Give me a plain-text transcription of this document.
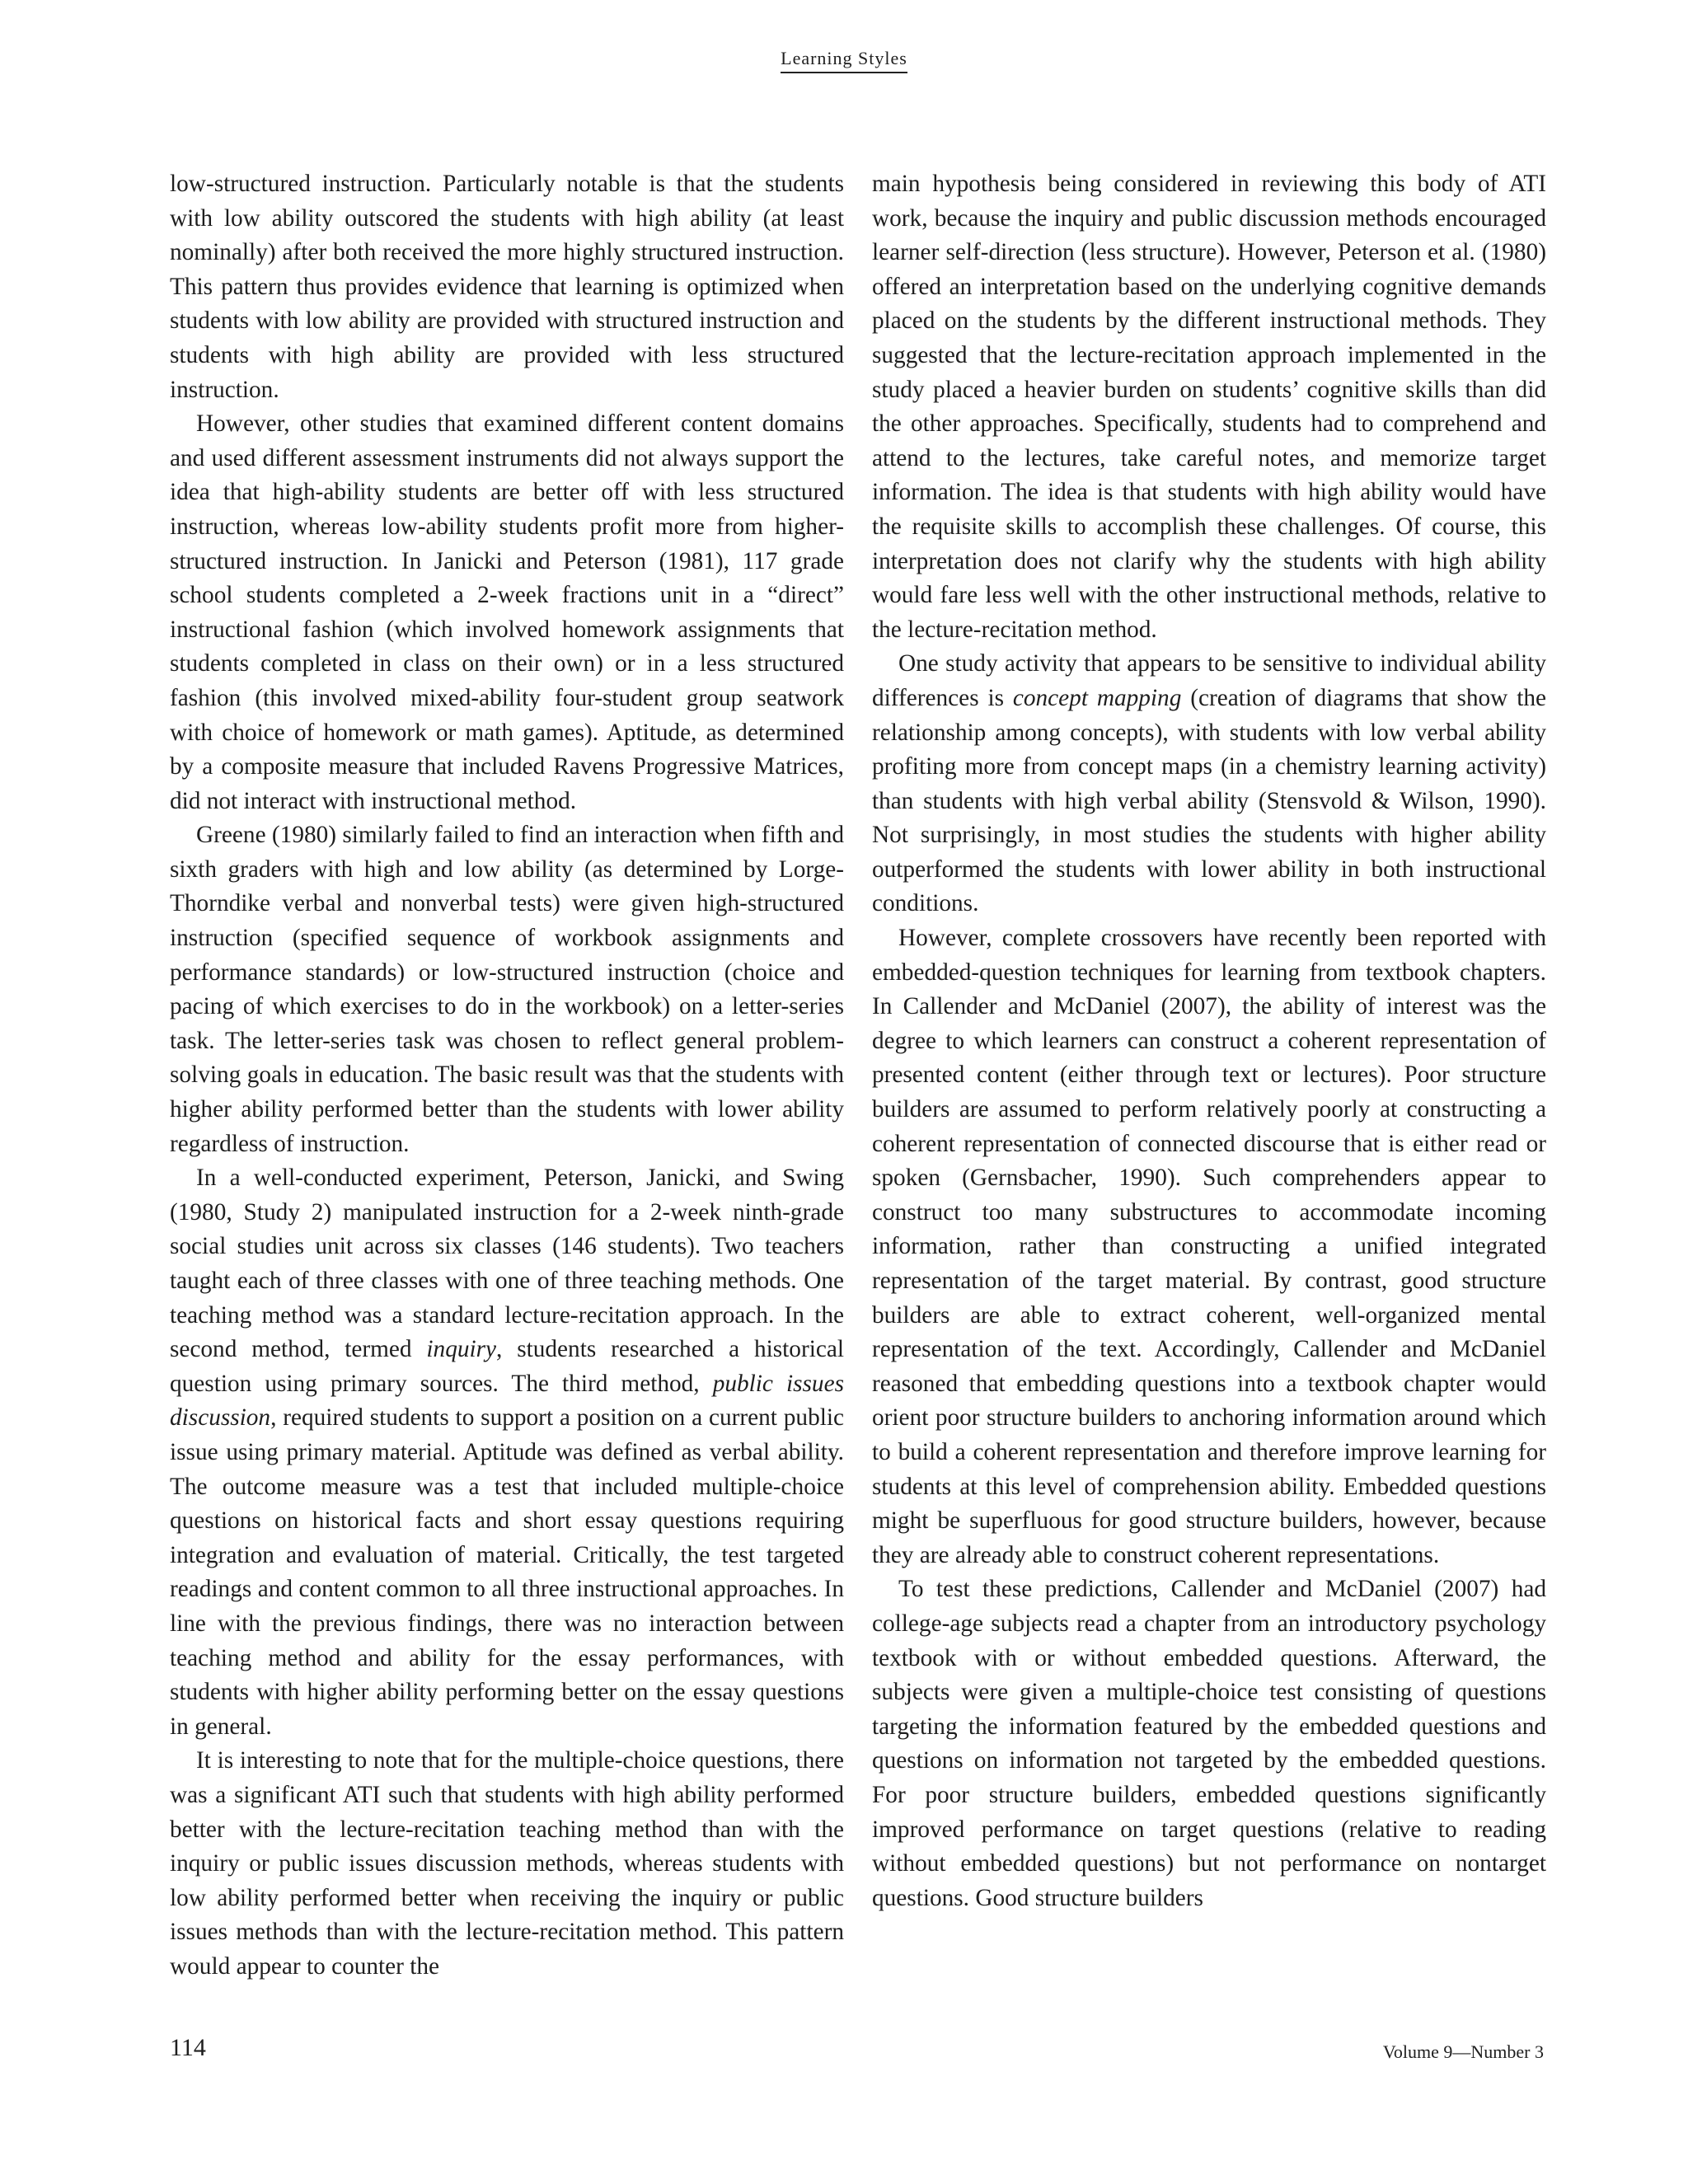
Learning Styles

low-structured instruction. Particularly notable is that the students with low ability outscored the students with high ability (at least nominally) after both received the more highly structured instruction. This pattern thus provides evidence that learning is optimized when students with low ability are provided with structured instruction and students with high ability are provided with less structured instruction.

However, other studies that examined different content domains and used different assessment instruments did not always support the idea that high-ability students are better off with less structured instruction, whereas low-ability students profit more from higher-structured instruction. In Janicki and Peterson (1981), 117 grade school students completed a 2-week fractions unit in a “direct” instructional fashion (which involved homework assignments that students completed in class on their own) or in a less structured fashion (this involved mixed-ability four-student group seatwork with choice of homework or math games). Aptitude, as determined by a composite measure that included Ravens Progressive Matrices, did not interact with instructional method.

Greene (1980) similarly failed to find an interaction when fifth and sixth graders with high and low ability (as determined by Lorge-Thorndike verbal and nonverbal tests) were given high-structured instruction (specified sequence of workbook assignments and performance standards) or low-structured instruction (choice and pacing of which exercises to do in the workbook) on a letter-series task. The letter-series task was chosen to reflect general problem-solving goals in education. The basic result was that the students with higher ability performed better than the students with lower ability regardless of instruction.

In a well-conducted experiment, Peterson, Janicki, and Swing (1980, Study 2) manipulated instruction for a 2-week ninth-grade social studies unit across six classes (146 students). Two teachers taught each of three classes with one of three teaching methods. One teaching method was a standard lecture-recitation approach. In the second method, termed inquiry, students researched a historical question using primary sources. The third method, public issues discussion, required students to support a position on a current public issue using primary material. Aptitude was defined as verbal ability. The outcome measure was a test that included multiple-choice questions on historical facts and short essay questions requiring integration and evaluation of material. Critically, the test targeted readings and content common to all three instructional approaches. In line with the previous findings, there was no interaction between teaching method and ability for the essay performances, with students with higher ability performing better on the essay questions in general.

It is interesting to note that for the multiple-choice questions, there was a significant ATI such that students with high ability performed better with the lecture-recitation teaching method than with the inquiry or public issues discussion methods, whereas students with low ability performed better when receiving the inquiry or public issues methods than with the lecture-recitation method. This pattern would appear to counter the

main hypothesis being considered in reviewing this body of ATI work, because the inquiry and public discussion methods encouraged learner self-direction (less structure). However, Peterson et al. (1980) offered an interpretation based on the underlying cognitive demands placed on the students by the different instructional methods. They suggested that the lecture-recitation approach implemented in the study placed a heavier burden on students’ cognitive skills than did the other approaches. Specifically, students had to comprehend and attend to the lectures, take careful notes, and memorize target information. The idea is that students with high ability would have the requisite skills to accomplish these challenges. Of course, this interpretation does not clarify why the students with high ability would fare less well with the other instructional methods, relative to the lecture-recitation method.

One study activity that appears to be sensitive to individual ability differences is concept mapping (creation of diagrams that show the relationship among concepts), with students with low verbal ability profiting more from concept maps (in a chemistry learning activity) than students with high verbal ability (Stensvold & Wilson, 1990). Not surprisingly, in most studies the students with higher ability outperformed the students with lower ability in both instructional conditions.

However, complete crossovers have recently been reported with embedded-question techniques for learning from textbook chapters. In Callender and McDaniel (2007), the ability of interest was the degree to which learners can construct a coherent representation of presented content (either through text or lectures). Poor structure builders are assumed to perform relatively poorly at constructing a coherent representation of connected discourse that is either read or spoken (Gernsbacher, 1990). Such comprehenders appear to construct too many substructures to accommodate incoming information, rather than constructing a unified integrated representation of the target material. By contrast, good structure builders are able to extract coherent, well-organized mental representation of the text. Accordingly, Callender and McDaniel reasoned that embedding questions into a textbook chapter would orient poor structure builders to anchoring information around which to build a coherent representation and therefore improve learning for students at this level of comprehension ability. Embedded questions might be superfluous for good structure builders, however, because they are already able to construct coherent representations.

To test these predictions, Callender and McDaniel (2007) had college-age subjects read a chapter from an introductory psychology textbook with or without embedded questions. Afterward, the subjects were given a multiple-choice test consisting of questions targeting the information featured by the embedded questions and questions on information not targeted by the embedded questions. For poor structure builders, embedded questions significantly improved performance on target questions (relative to reading without embedded questions) but not performance on nontarget questions. Good structure builders

114	Volume 9—Number 3
